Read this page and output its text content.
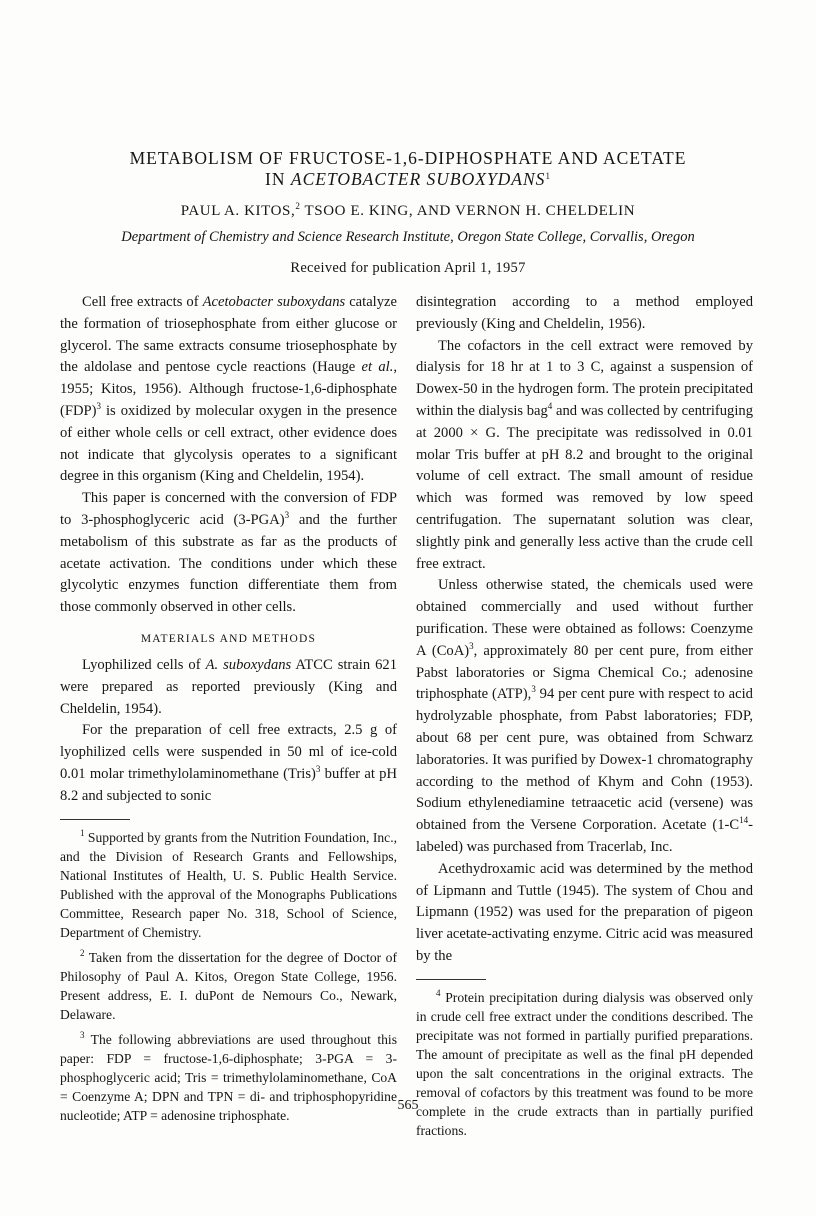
METABOLISM OF FRUCTOSE-1,6-DIPHOSPHATE AND ACETATE
IN ACETOBACTER SUBOXYDANS$^1$
PAUL A. KITOS,$^2$ TSOO E. KING, AND VERNON H. CHELDELIN
Department of Chemistry and Science Research Institute, Oregon State College, Corvallis, Oregon
Received for publication April 1, 1957

Cell free extracts of Acetobacter suboxydans catalyze the formation of triosephosphate from either glucose or glycerol. The same extracts consume triosephosphate by the aldolase and pentose cycle reactions (Hauge et al., 1955; Kitos, 1956). Although fructose-1,6-diphosphate (FDP)$^3$ is oxidized by molecular oxygen in the presence of either whole cells or cell extract, other evidence does not indicate that glycolysis operates to a significant degree in this organism (King and Cheldelin, 1954).

This paper is concerned with the conversion of FDP to 3-phosphoglyceric acid $(3-PGA)^3$ and the further metabolism of this substrate as far as the products of acetate activation. The conditions under which these glycolytic enzymes function differentiate them from those commonly observed in other cells.

MATERIALS AND METHODS

Lyophilized cells of A. suboxydans ATCC strain 621 were prepared as reported previously (King and Cheldelin, 1954).

For the preparation of cell free extracts, 2.5 g of lyophilized cells were suspended in 50 ml of ice-cold 0.01 molar trimethylolaminomethane (Tris)$^3$ buffer at pH 8.2 and subjected to sonic

$^1$ Supported by grants from the Nutrition Foundation, Inc., and the Division of Research Grants and Fellowships, National Institutes of Health, U. S. Public Health Service. Published with the approval of the Monographs Publications Committee, Research paper No. 318, School of Science, Department of Chemistry.

$^2$ Taken from the dissertation for the degree of Doctor of Philosophy of Paul A. Kitos, Oregon State College, 1956. Present address, E. I. duPont de Nemours Co., Newark, Delaware.

$^3$ The following abbreviations are used throughout this paper: FDP = fructose-1,6-diphosphate; 3-PGA = 3-phosphoglyceric acid; Tris = trimethylolaminomethane, CoA = Coenzyme A; DPN and TPN = di- and triphosphopyridine nucleotide; ATP = adenosine triphosphate.

disintegration according to a method employed previously (King and Cheldelin, 1956).

The cofactors in the cell extract were removed by dialysis for 18 hr at 1 to 3 C, against a suspension of Dowex-50 in the hydrogen form. The protein precipitated within the dialysis bag$^4$ and was collected by centrifuging at 2000 × G. The precipitate was redissolved in 0.01 molar Tris buffer at pH 8.2 and brought to the original volume of cell extract. The small amount of residue which was formed was removed by low speed centrifugation. The supernatant solution was clear, slightly pink and generally less active than the crude cell free extract.

Unless otherwise stated, the chemicals used were obtained commercially and used without further purification. These were obtained as follows: Coenzyme A (CoA)$^3$, approximately 80 per cent pure, from either Pabst laboratories or Sigma Chemical Co.; adenosine triphosphate (ATP),$^3$ 94 per cent pure with respect to acid hydrolyzable phosphate, from Pabst laboratories; FDP, about 68 per cent pure, was obtained from Schwarz laboratories. It was purified by Dowex-1 chromatography according to the method of Khym and Cohn (1953). Sodium ethylenediamine tetraacetic acid (versene) was obtained from the Versene Corporation. Acetate $(1-C^{14}-labeled)$ was purchased from Tracerlab, Inc.

Acethydroxamic acid was determined by the method of Lipmann and Tuttle (1945). The system of Chou and Lipmann (1952) was used for the preparation of pigeon liver acetate-activating enzyme. Citric acid was measured by the

$^4$ Protein precipitation during dialysis was observed only in crude cell free extract under the conditions described. The precipitate was not formed in partially purified preparations. The amount of precipitate as well as the final pH depended upon the salt concentrations in the original extracts. The removal of cofactors by this treatment was found to be more complete in the crude extracts than in partially purified fractions.

565
